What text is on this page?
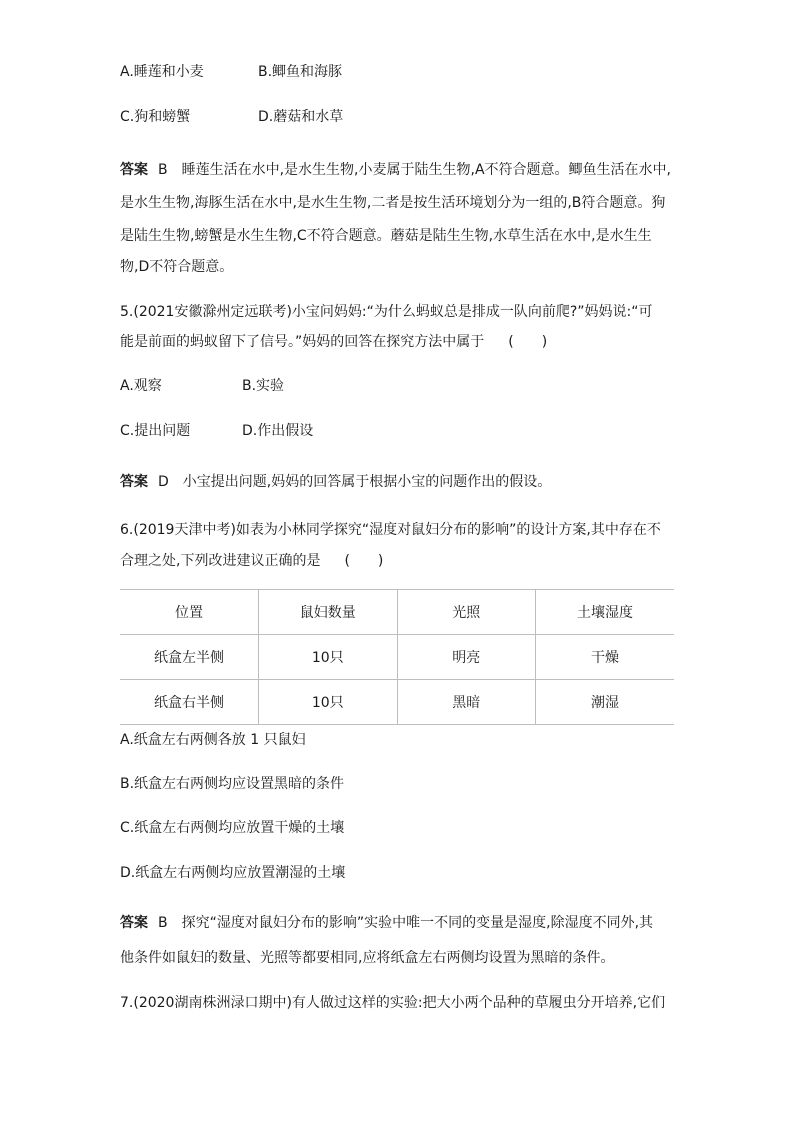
A.睡莲和小麦	B.鲫鱼和海豚
C.狗和螃蟹	D.蘑菇和水草
答案 B 睡莲生活在水中,是水生生物,小麦属于陆生生物,A不符合题意。鲫鱼生活在水中,
是水生生物,海豚生活在水中,是水生生物,二者是按生活环境划分为一组的,B符合题意。狗
是陆生生物,螃蟹是水生生物,C不符合题意。蘑菇是陆生生物,水草生活在水中,是水生生
物,D不符合题意。
5.(2021安徽滁州定远联考)小宝问妈妈:“为什么蚂蚁总是排成一队向前爬?”妈妈说:“可
能是前面的蚂蚁留下了信号。”妈妈的回答在探究方法中属于 (　　)
A.观察	B.实验
C.提出问题	D.作出假设
答案 D 小宝提出问题,妈妈的回答属于根据小宝的问题作出的假设。
6.(2019天津中考)如表为小林同学探究“湿度对鼠妇分布的影响”的设计方案,其中存在不
合理之处,下列改进建议正确的是 (　　)
位置	鼠妇数量	光照	土壤湿度
纸盒左半侧	10只	明亮	干燥
纸盒右半侧	10只	黑暗	潮湿
A.纸盒左右两侧各放 1 只鼠妇
B.纸盒左右两侧均应设置黑暗的条件
C.纸盒左右两侧均应放置干燥的土壤
D.纸盒左右两侧均应放置潮湿的土壤
答案 B 探究“湿度对鼠妇分布的影响”实验中唯一不同的变量是湿度,除湿度不同外,其
他条件如鼠妇的数量、光照等都要相同,应将纸盒左右两侧均设置为黑暗的条件。
7.(2020湖南株洲渌口期中)有人做过这样的实验:把大小两个品种的草履虫分开培养,它们
